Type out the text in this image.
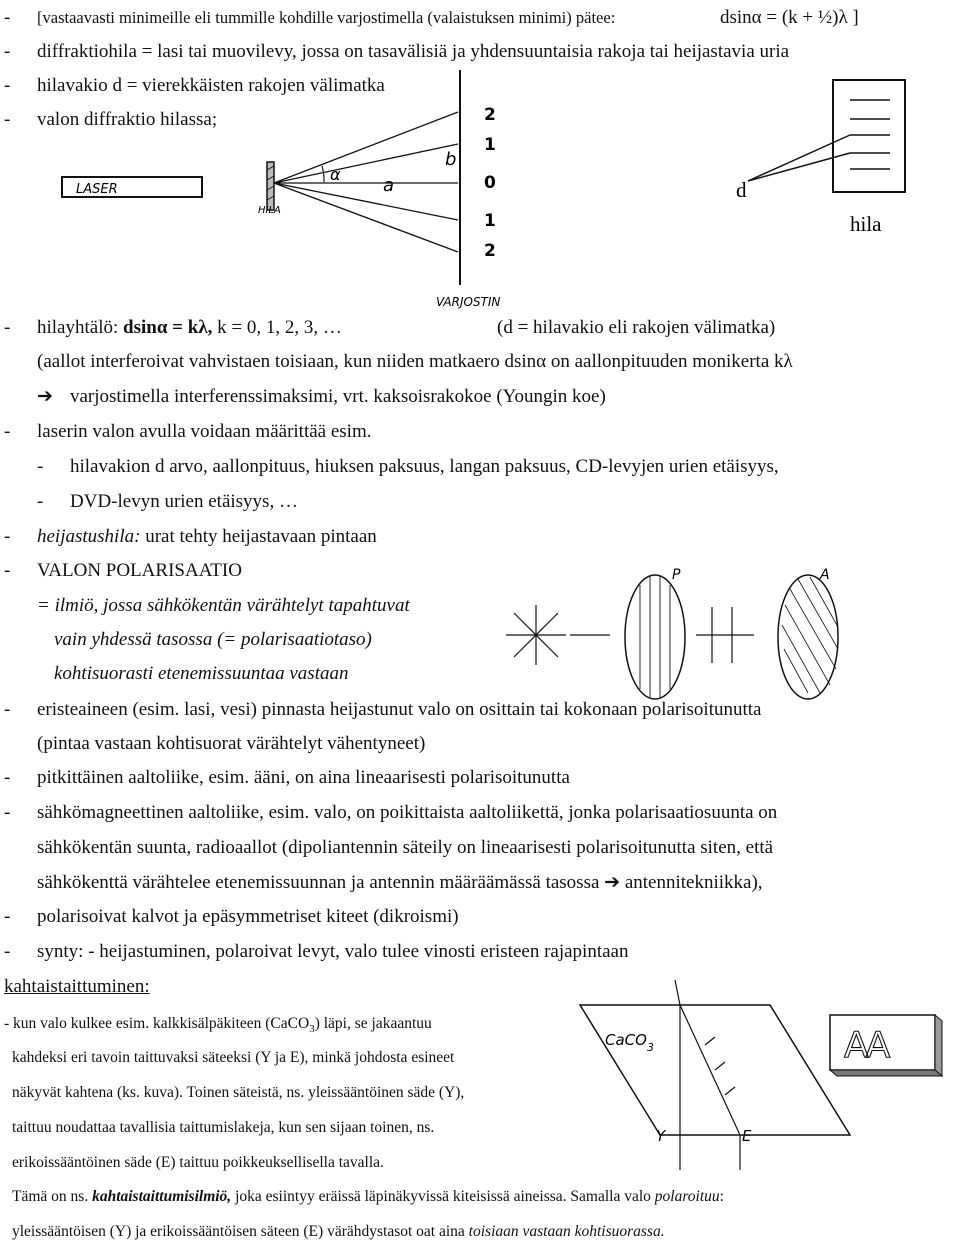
- [vastaavasti minimeille eli tummille kohdille varjostimella (valaistuksen minimi) pätee:	dsinα = (k + ½)λ ]
- diffraktiohila = lasi tai muovilevy, jossa on tasavälisiä ja yhdensuuntaisia rakoja tai heijastavia uria
- hilavakio d = vierekkäisten rakojen välimatka
- valon diffraktio hilassa;
LASER
HILA
α
a
b
2
1
0
1
2
VARJOSTIN
d
hila
- hilayhtälö: dsinα = kλ, k = 0, 1, 2, 3, …	(d = hilavakio eli rakojen välimatka)
(aallot interferoivat vahvistaen toisiaan, kun niiden matkaero dsinα on aallonpituuden monikerta kλ
➔ varjostimella interferenssimaksimi, vrt. kaksoisrakokoe (Youngin koe)
- laserin valon avulla voidaan määrittää esim.
- hilavakion d arvo, aallonpituus, hiuksen paksuus, langan paksuus, CD-levyjen urien etäisyys,
- DVD-levyn urien etäisyys, …
- heijastushila: urat tehty heijastavaan pintaan
- VALON POLARISAATIO
= ilmiö, jossa sähkökentän värähtelyt tapahtuvat
vain yhdessä tasossa (= polarisaatiotaso)
kohtisuorasti etenemissuuntaa vastaan
P	A
- eristeaineen (esim. lasi, vesi) pinnasta heijastunut valo on osittain tai kokonaan polarisoitunutta
(pintaa vastaan kohtisuorat värähtelyt vähentyneet)
- pitkittäinen aaltoliike, esim. ääni, on aina lineaarisesti polarisoitunutta
- sähkömagneettinen aaltoliike, esim. valo, on poikittaista aaltoliikettä, jonka polarisaatiosuunta on
sähkökentän suunta, radioaallot (dipoliantennin säteily on lineaarisesti polarisoitunutta siten, että
sähkökenttä värähtelee etenemissuunnan ja antennin määräämässä tasossa ➔ antennitekniikka),
- polarisoivat kalvot ja epäsymmetriset kiteet (dikroismi)
- synty: - heijastuminen, polaroivat levyt, valo tulee vinosti eristeen rajapintaan
kahtaistaittuminen:
- kun valo kulkee esim. kalkkisälpäkiteen (CaCO$_3$) läpi, se jakaantuu
kahdeksi eri tavoin taittuvaksi säteeksi (Y ja E), minkä johdosta esineet
näkyvät kahtena (ks. kuva). Toinen säteistä, ns. yleissääntöinen säde (Y),
taittuu noudattaa tavallisia taittumislakeja, kun sen sijaan toinen, ns.
erikoissääntöinen säde (E) taittuu poikkeuksellisella tavalla.
Tämä on ns. kahtaistaittumisilmiö, joka esiintyy eräissä läpinäkyvissä kiteisissä aineissa. Samalla valo polaroituu:
yleissääntöisen (Y) ja erikoissääntöisen säteen (E) värähdystasot oat aina toisiaan vastaan kohtisuorassa.
CaCO$_3$
Y	E
AA
